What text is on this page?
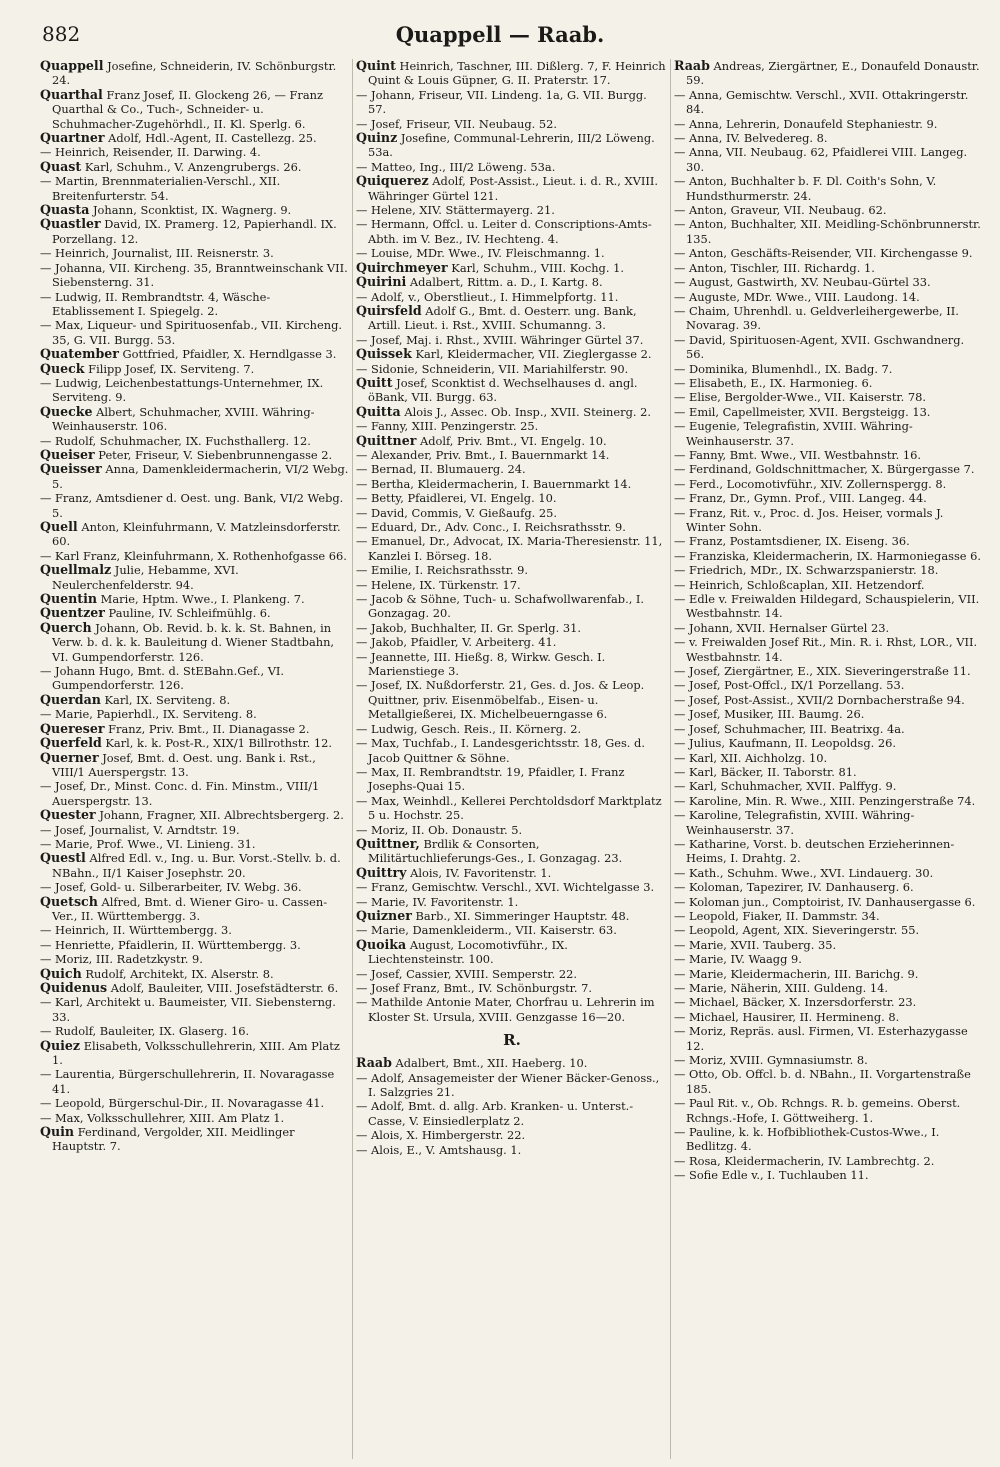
882	Quappell — Raab.

Quappell Josefine, Schneiderin, IV. Schönburgstr. 24.

Quarthal Franz Josef, II. Glockeng 26, — Franz Quarthal & Co., Tuch-, Schneider- u. Schuhmacher-Zugehörhdl., II. Kl. Sperlg. 6.

Quartner Adolf, Hdl.-Agent, II. Castellezg. 25.

— Heinrich, Reisender, II. Darwing. 4.

Quast Karl, Schuhm., V. Anzengrubergs. 26.

— Martin, Brennmaterialien-Verschl., XII. Breitenfurterstr. 54.

Quasta Johann, Sconktist, IX. Wagnerg. 9.

Quastler David, IX. Pramerg. 12, Papierhandl. IX. Porzellang. 12.

— Heinrich, Journalist, III. Reisnerstr. 3.

— Johanna, VII. Kircheng. 35, Branntweinschank VII. Siebensterng. 31.

— Ludwig, II. Rembrandtstr. 4, Wäsche-Etablissement I. Spiegelg. 2.

— Max, Liqueur- und Spirituosenfab., VII. Kircheng. 35, G. VII. Burgg. 53.

Quatember Gottfried, Pfaidler, X. Herndlgasse 3.

Queck Filipp Josef, IX. Serviteng. 7.

— Ludwig, Leichenbestattungs-Unternehmer, IX. Serviteng. 9.

Quecke Albert, Schuhmacher, XVIII. Währing-Weinhauserstr. 106.

— Rudolf, Schuhmacher, IX. Fuchsthallerg. 12.

Queiser Peter, Friseur, V. Siebenbrunnengasse 2.

Queisser Anna, Damenkleidermacherin, VI/2 Webg. 5.

— Franz, Amtsdiener d. Oest. ung. Bank, VI/2 Webg. 5.

Quell Anton, Kleinfuhrmann, V. Matzleinsdorferstr. 60.

— Karl Franz, Kleinfuhrmann, X. Rothenhofgasse 66.

Quellmalz Julie, Hebamme, XVI. Neulerchenfelderstr. 94.

Quentin Marie, Hptm. Wwe., I. Plankeng. 7.

Quentzer Pauline, IV. Schleifmühlg. 6.

Querch Johann, Ob. Revid. b. k. k. St. Bahnen, in Verw. b. d. k. k. Bauleitung d. Wiener Stadtbahn, VI. Gumpendorferstr. 126.

— Johann Hugo, Bmt. d. StEBahn.Gef., VI. Gumpendorferstr. 126.

Querdan Karl, IX. Serviteng. 8.

— Marie, Papierhdl., IX. Serviteng. 8.

Quereser Franz, Priv. Bmt., II. Dianagasse 2.

Querfeld Karl, k. k. Post-R., XIX/1 Billrothstr. 12.

Querner Josef, Bmt. d. Oest. ung. Bank i. Rst., VIII/1 Auerspergstr. 13.

— Josef, Dr., Minst. Conc. d. Fin. Minstm., VIII/1 Auerspergstr. 13.

Quester Johann, Fragner, XII. Albrechtsbergerg. 2.

— Josef, Journalist, V. Arndtstr. 19.

— Marie, Prof. Wwe., VI. Linieng. 31.

Questl Alfred Edl. v., Ing. u. Bur. Vorst.-Stellv. b. d. NBahn., II/1 Kaiser Josephstr. 20.

— Josef, Gold- u. Silberarbeiter, IV. Webg. 36.

Quetsch Alfred, Bmt. d. Wiener Giro- u. Cassen-Ver., II. Württembergg. 3.

— Heinrich, II. Württembergg. 3.

— Henriette, Pfaidlerin, II. Württembergg. 3.

— Moriz, III. Radetzkystr. 9.

Quich Rudolf, Architekt, IX. Alserstr. 8.

Quidenus Adolf, Bauleiter, VIII. Josefstädterstr. 6.

— Karl, Architekt u. Baumeister, VII. Siebensterng. 33.

— Rudolf, Bauleiter, IX. Glaserg. 16.

Quiez Elisabeth, Volksschullehrerin, XIII. Am Platz 1.

— Laurentia, Bürgerschullehrerin, II. Novaragasse 41.

— Leopold, Bürgerschul-Dir., II. Novaragasse 41.

— Max, Volksschullehrer, XIII. Am Platz 1.

Quin Ferdinand, Vergolder, XII. Meidlinger Hauptstr. 7.

Quint Heinrich, Taschner, III. Dißlerg. 7, F. Heinrich Quint & Louis Güpner, G. II. Praterstr. 17.

— Johann, Friseur, VII. Lindeng. 1a, G. VII. Burgg. 57.

— Josef, Friseur, VII. Neubaug. 52.

Quinz Josefine, Communal-Lehrerin, III/2 Löweng. 53a.

— Matteo, Ing., III/2 Löweng. 53a.

Quiquerez Adolf, Post-Assist., Lieut. i. d. R., XVIII. Währinger Gürtel 121.

— Helene, XIV. Stättermayerg. 21.

— Hermann, Offcl. u. Leiter d. Conscriptions-Amts-Abth. im V. Bez., IV. Hechteng. 4.

— Louise, MDr. Wwe., IV. Fleischmanng. 1.

Quirchmeyer Karl, Schuhm., VIII. Kochg. 1.

Quirini Adalbert, Rittm. a. D., I. Kartg. 8.

— Adolf, v., Oberstlieut., I. Himmelpfortg. 11.

Quirsfeld Adolf G., Bmt. d. Oesterr. ung. Bank, Artill. Lieut. i. Rst., XVIII. Schumanng. 3.

— Josef, Maj. i. Rhst., XVIII. Währinger Gürtel 37.

Quissek Karl, Kleidermacher, VII. Zieglergasse 2.

— Sidonie, Schneiderin, VII. Mariahilferstr. 90.

Quitt Josef, Sconktist d. Wechselhauses d. angl. öBank, VII. Burgg. 63.

Quitta Alois J., Assec. Ob. Insp., XVII. Steinerg. 2.

— Fanny, XIII. Penzingerstr. 25.

Quittner Adolf, Priv. Bmt., VI. Engelg. 10.

— Alexander, Priv. Bmt., I. Bauernmarkt 14.

— Bernad, II. Blumauerg. 24.

— Bertha, Kleidermacherin, I. Bauernmarkt 14.

— Betty, Pfaidlerei, VI. Engelg. 10.

— David, Commis, V. Gießaufg. 25.

— Eduard, Dr., Adv. Conc., I. Reichsrathsstr. 9.

— Emanuel, Dr., Advocat, IX. Maria-Theresienstr. 11, Kanzlei I. Börseg. 18.

— Emilie, I. Reichsrathsstr. 9.

— Helene, IX. Türkenstr. 17.

— Jacob & Söhne, Tuch- u. Schafwollwarenfab., I. Gonzagag. 20.

— Jakob, Buchhalter, II. Gr. Sperlg. 31.

— Jakob, Pfaidler, V. Arbeiterg. 41.

— Jeannette, III. Hießg. 8, Wirkw. Gesch. I. Marienstiege 3.

— Josef, IX. Nußdorferstr. 21, Ges. d. Jos. & Leop. Quittner, priv. Eisenmöbelfab., Eisen- u. Metallgießerei, IX. Michelbeuerngasse 6.

— Ludwig, Gesch. Reis., II. Körnerg. 2.

— Max, Tuchfab., I. Landesgerichtsstr. 18, Ges. d. Jacob Quittner & Söhne.

— Max, II. Rembrandtstr. 19, Pfaidler, I. Franz Josephs-Quai 15.

— Max, Weinhdl., Kellerei Perchtoldsdorf Marktplatz 5 u. Hochstr. 25.

— Moriz, II. Ob. Donaustr. 5.

Quittner, Brdlik & Consorten, Militärtuchlieferungs-Ges., I. Gonzagag. 23.

Quittry Alois, IV. Favoritenstr. 1.

— Franz, Gemischtw. Verschl., XVI. Wichtelgasse 3.

— Marie, IV. Favoritenstr. 1.

Quizner Barb., XI. Simmeringer Hauptstr. 48.

— Marie, Damenkleiderm., VII. Kaiserstr. 63.

Quoika August, Locomotivführ., IX. Liechtensteinstr. 100.

— Josef, Cassier, XVIII. Semperstr. 22.

— Josef Franz, Bmt., IV. Schönburgstr. 7.

— Mathilde Antonie Mater, Chorfrau u. Lehrerin im Kloster St. Ursula, XVIII. Genzgasse 16—20.

R.

Raab Adalbert, Bmt., XII. Haeberg. 10.

— Adolf, Ansagemeister der Wiener Bäcker-Genoss., I. Salzgries 21.

— Adolf, Bmt. d. allg. Arb. Kranken- u. Unterst.-Casse, V. Einsiedlerplatz 2.

— Alois, X. Himbergerstr. 22.

— Alois, E., V. Amtshausg. 1.

Raab Andreas, Ziergärtner, E., Donaufeld Donaustr. 59.

— Anna, Gemischtw. Verschl., XVII. Ottakringerstr. 84.

— Anna, Lehrerin, Donaufeld Stephaniestr. 9.

— Anna, IV. Belvedereg. 8.

— Anna, VII. Neubaug. 62, Pfaidlerei VIII. Langeg. 30.

— Anton, Buchhalter b. F. Dl. Coith's Sohn, V. Hundsthurmerstr. 24.

— Anton, Graveur, VII. Neubaug. 62.

— Anton, Buchhalter, XII. Meidling-Schönbrunnerstr. 135.

— Anton, Geschäfts-Reisender, VII. Kirchengasse 9.

— Anton, Tischler, III. Richardg. 1.

— August, Gastwirth, XV. Neubau-Gürtel 33.

— Auguste, MDr. Wwe., VIII. Laudong. 14.

— Chaim, Uhrenhdl. u. Geldverleihergewerbe, II. Novarag. 39.

— David, Spirituosen-Agent, XVII. Gschwandnerg. 56.

— Dominika, Blumenhdl., IX. Badg. 7.

— Elisabeth, E., IX. Harmonieg. 6.

— Elise, Bergolder-Wwe., VII. Kaiserstr. 78.

— Emil, Capellmeister, XVII. Bergsteigg. 13.

— Eugenie, Telegrafistin, XVIII. Währing-Weinhauserstr. 37.

— Fanny, Bmt. Wwe., VII. Westbahnstr. 16.

— Ferdinand, Goldschnittmacher, X. Bürgergasse 7.

— Ferd., Locomotivführ., XIV. Zollernspergg. 8.

— Franz, Dr., Gymn. Prof., VIII. Langeg. 44.

— Franz, Rit. v., Proc. d. Jos. Heiser, vormals J. Winter Sohn.

— Franz, Postamtsdiener, IX. Eiseng. 36.

— Franziska, Kleidermacherin, IX. Harmoniegasse 6.

— Friedrich, MDr., IX. Schwarzspanierstr. 18.

— Heinrich, Schloßcaplan, XII. Hetzendorf.

— Edle v. Freiwalden Hildegard, Schauspielerin, VII. Westbahnstr. 14.

— Johann, XVII. Hernalser Gürtel 23.

— v. Freiwalden Josef Rit., Min. R. i. Rhst, LOR., VII. Westbahnstr. 14.

— Josef, Ziergärtner, E., XIX. Sieveringerstraße 11.

— Josef, Post-Offcl., IX/1 Porzellang. 53.

— Josef, Post-Assist., XVII/2 Dornbacherstraße 94.

— Josef, Musiker, III. Baumg. 26.

— Josef, Schuhmacher, III. Beatrixg. 4a.

— Julius, Kaufmann, II. Leopoldsg. 26.

— Karl, XII. Aichholzg. 10.

— Karl, Bäcker, II. Taborstr. 81.

— Karl, Schuhmacher, XVII. Palffyg. 9.

— Karoline, Min. R. Wwe., XIII. Penzingerstraße 74.

— Karoline, Telegrafistin, XVIII. Währing-Weinhauserstr. 37.

— Katharine, Vorst. b. deutschen Erzieherinnen-Heims, I. Drahtg. 2.

— Kath., Schuhm. Wwe., XVI. Lindauerg. 30.

— Koloman, Tapezirer, IV. Danhauserg. 6.

— Koloman jun., Comptoirist, IV. Danhausergasse 6.

— Leopold, Fiaker, II. Dammstr. 34.

— Leopold, Agent, XIX. Sieveringerstr. 55.

— Marie, XVII. Tauberg. 35.

— Marie, IV. Waagg 9.

— Marie, Kleidermacherin, III. Barichg. 9.

— Marie, Näherin, XIII. Guldeng. 14.

— Michael, Bäcker, X. Inzersdorferstr. 23.

— Michael, Hausirer, II. Hermineng. 8.

— Moriz, Repräs. ausl. Firmen, VI. Esterhazygasse 12.

— Moriz, XVIII. Gymnasiumstr. 8.

— Otto, Ob. Offcl. b. d. NBahn., II. Vorgartenstraße 185.

— Paul Rit. v., Ob. Rchngs. R. b. gemeins. Oberst. Rchngs.-Hofe, I. Göttweiherg. 1.

— Pauline, k. k. Hofbibliothek-Custos-Wwe., I. Bedlitzg. 4.

— Rosa, Kleidermacherin, IV. Lambrechtg. 2.

— Sofie Edle v., I. Tuchlauben 11.
